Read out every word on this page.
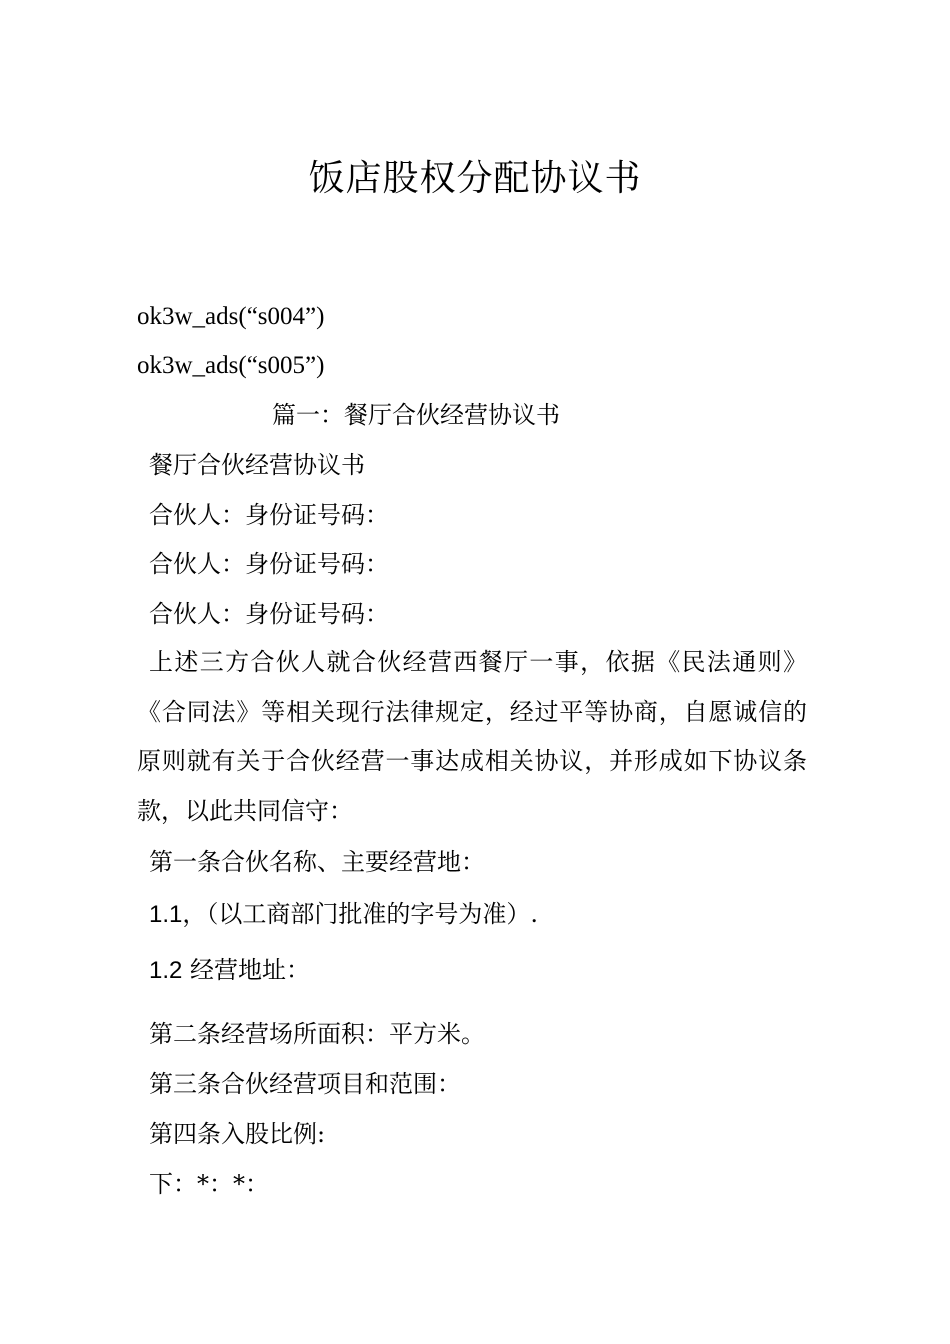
饭店股权分配协议书

ok3w_ads(“s004”)

ok3w_ads(“s005”)

篇一：餐厅合伙经营协议书

餐厅合伙经营协议书

合伙人：身份证号码：

合伙人：身份证号码：

合伙人：身份证号码：

上述三方合伙人就合伙经营西餐厅一事，依据《民法通则》《合同法》等相关现行法律规定，经过平等协商，自愿诚信的原则就有关于合伙经营一事达成相关协议，并形成如下协议条款，以此共同信守：

第一条合伙名称、主要经营地：

1.1，（以工商部门批准的字号为准）.

1.2 经营地址：

第二条经营场所面积：平方米。

第三条合伙经营项目和范围：

第四条入股比例:

下：*：*：
